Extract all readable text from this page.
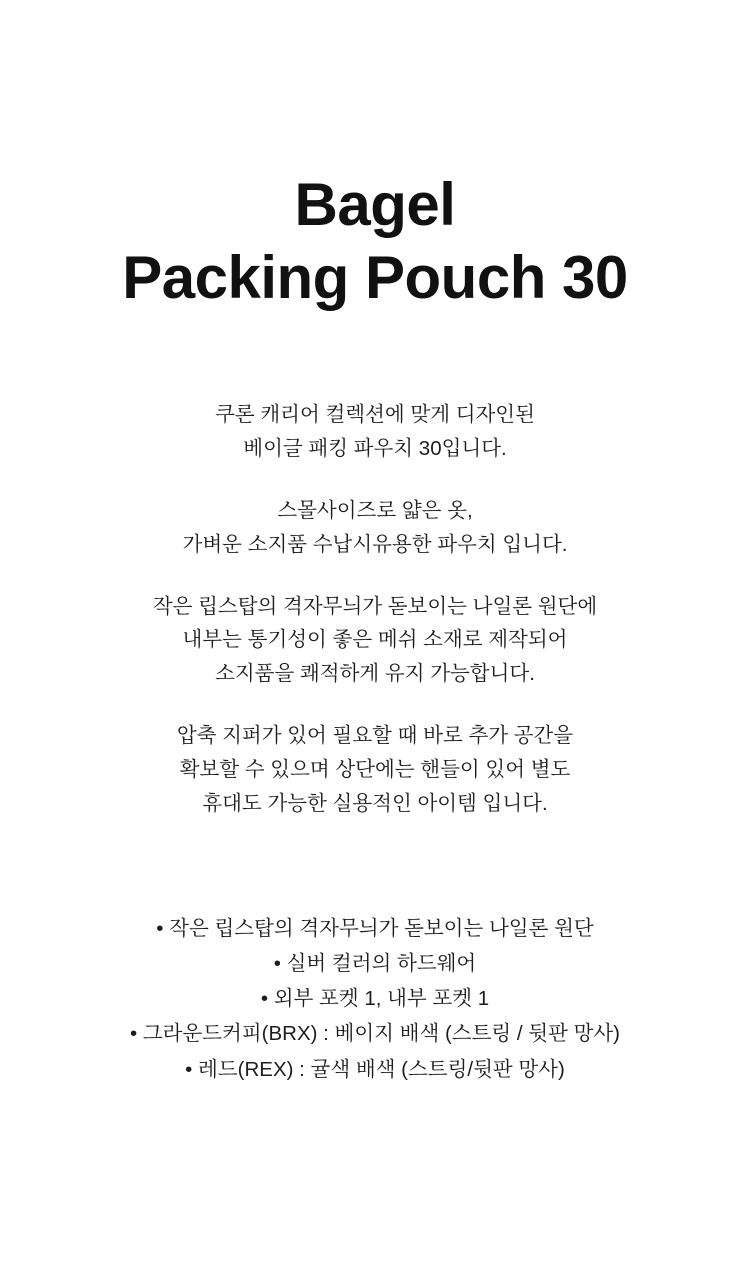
Bagel
Packing Pouch 30

쿠론 캐리어 컬렉션에 맞게 디자인된
베이글 패킹 파우치 30입니다.

스몰사이즈로 얇은 옷,
가벼운 소지품 수납시유용한 파우치 입니다.

작은 립스탑의 격자무늬가 돋보이는 나일론 원단에
내부는 통기성이 좋은 메쉬 소재로 제작되어
소지품을 쾌적하게 유지 가능합니다.

압축 지퍼가 있어 필요할 때 바로 추가 공간을
확보할 수 있으며 상단에는 핸들이 있어 별도
휴대도 가능한 실용적인 아이템 입니다.

• 작은 립스탑의 격자무늬가 돋보이는 나일론 원단
• 실버 컬러의 하드웨어
• 외부 포켓 1, 내부 포켓 1
• 그라운드커피(BRX) : 베이지 배색 (스트링 / 뒷판 망사)
• 레드(REX) : 귤색 배색 (스트링/뒷판 망사)
